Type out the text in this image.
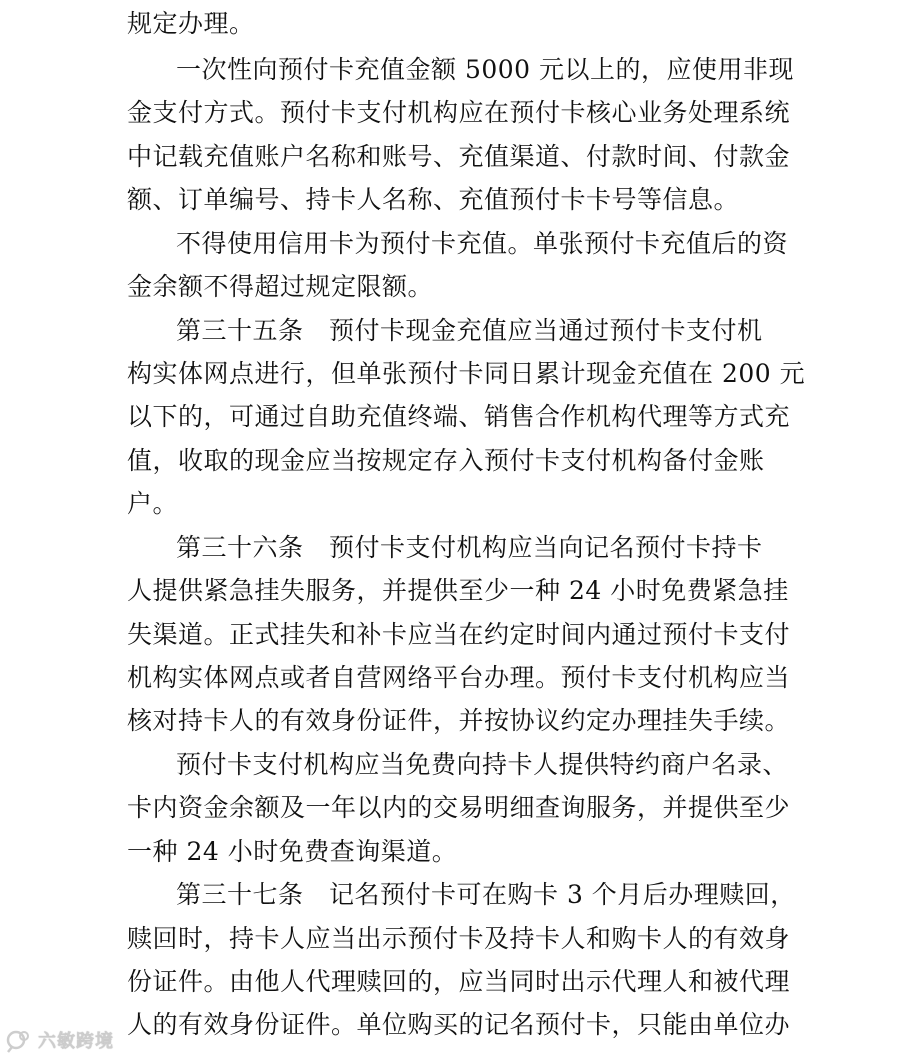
规定办理。
一次性向预付卡充值金额 5000 元以上的，应使用非现
金支付方式。预付卡支付机构应在预付卡核心业务处理系统
中记载充值账户名称和账号、充值渠道、付款时间、付款金
额、订单编号、持卡人名称、充值预付卡卡号等信息。
不得使用信用卡为预付卡充值。单张预付卡充值后的资
金余额不得超过规定限额。
第三十五条　预付卡现金充值应当通过预付卡支付机
构实体网点进行，但单张预付卡同日累计现金充值在 200 元
以下的，可通过自助充值终端、销售合作机构代理等方式充
值，收取的现金应当按规定存入预付卡支付机构备付金账
户。
第三十六条　预付卡支付机构应当向记名预付卡持卡
人提供紧急挂失服务，并提供至少一种 24 小时免费紧急挂
失渠道。正式挂失和补卡应当在约定时间内通过预付卡支付
机构实体网点或者自营网络平台办理。预付卡支付机构应当
核对持卡人的有效身份证件，并按协议约定办理挂失手续。
预付卡支付机构应当免费向持卡人提供特约商户名录、
卡内资金余额及一年以内的交易明细查询服务，并提供至少
一种 24 小时免费查询渠道。
第三十七条　记名预付卡可在购卡 3 个月后办理赎回，
赎回时，持卡人应当出示预付卡及持卡人和购卡人的有效身
份证件。由他人代理赎回的，应当同时出示代理人和被代理
人的有效身份证件。单位购买的记名预付卡，只能由单位办
六敏跨境
